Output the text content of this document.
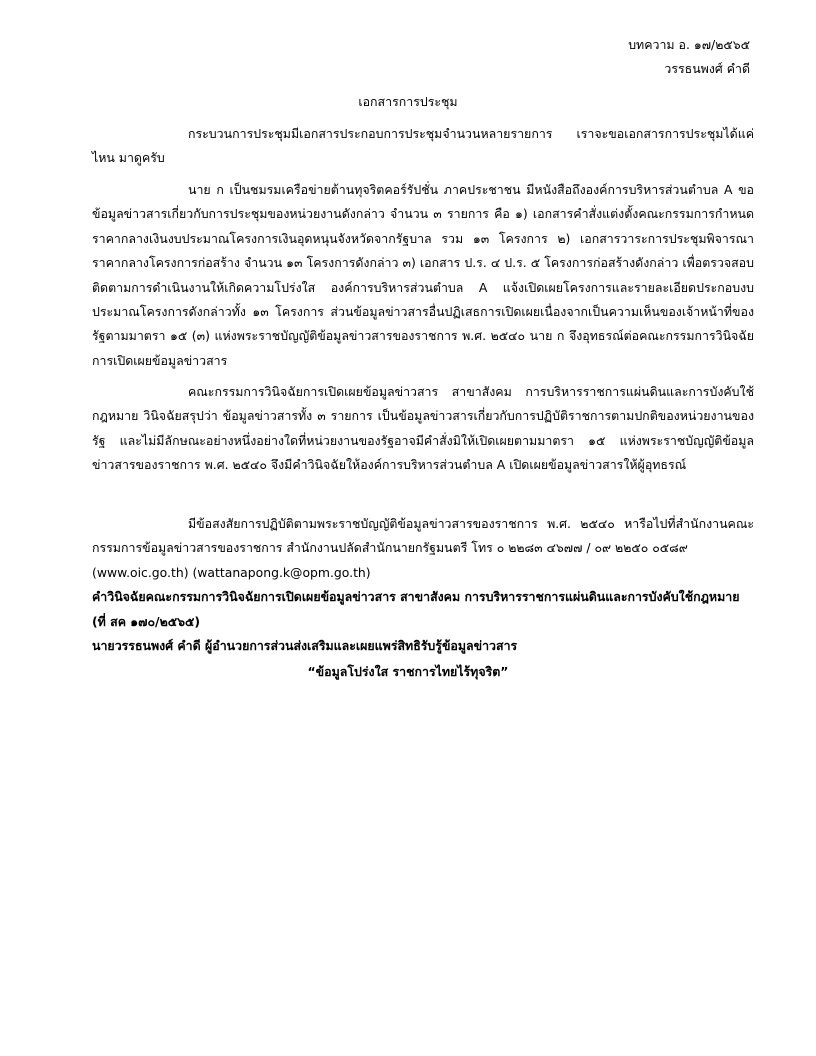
บทความ อ. ๑๗/๒๕๖๕
วรรธนพงศ์ คำดี
เอกสารการประชุม

กระบวนการประชุมมีเอกสารประกอบการประชุมจำนวนหลายรายการ เราจะขอเอกสารการประชุมได้แค่ไหน มาดูครับ

นาย ก เป็นชมรมเครือข่ายต้านทุจริตคอร์รัปชั่น ภาคประชาชน มีหนังสือถึงองค์การบริหารส่วนตำบล A ขอข้อมูลข่าวสารเกี่ยวกับการประชุมของหน่วยงานดังกล่าว จำนวน ๓ รายการ คือ ๑) เอกสารคำสั่งแต่งตั้งคณะกรรมการกำหนดราคากลางเงินงบประมาณโครงการเงินอุดหนุนจังหวัดจากรัฐบาล รวม ๑๓ โครงการ ๒) เอกสารวาระการประชุมพิจารณาราคากลางโครงการก่อสร้าง จำนวน ๑๓ โครงการดังกล่าว ๓) เอกสาร ป.ร. ๔ ป.ร. ๕ โครงการก่อสร้างดังกล่าว เพื่อตรวจสอบติดตามการดำเนินงานให้เกิดความโปร่งใส องค์การบริหารส่วนตำบล A แจ้งเปิดเผยโครงการและรายละเอียดประกอบงบประมาณโครงการดังกล่าวทั้ง ๑๓ โครงการ ส่วนข้อมูลข่าวสารอื่นปฏิเสธการเปิดเผยเนื่องจากเป็นความเห็นของเจ้าหน้าที่ของรัฐตามมาตรา ๑๕ (๓) แห่งพระราชบัญญัติข้อมูลข่าวสารของราชการ พ.ศ. ๒๕๔๐ นาย ก จึงอุทธรณ์ต่อคณะกรรมการวินิจฉัยการเปิดเผยข้อมูลข่าวสาร

คณะกรรมการวินิจฉัยการเปิดเผยข้อมูลข่าวสาร สาขาสังคม การบริหารราชการแผ่นดินและการบังคับใช้กฎหมาย วินิจฉัยสรุปว่า ข้อมูลข่าวสารทั้ง ๓ รายการ เป็นข้อมูลข่าวสารเกี่ยวกับการปฏิบัติราชการตามปกติของหน่วยงานของรัฐ และไม่มีลักษณะอย่างหนึ่งอย่างใดที่หน่วยงานของรัฐอาจมีคำสั่งมิให้เปิดเผยตามมาตรา ๑๕ แห่งพระราชบัญญัติข้อมูลข่าวสารของราชการ พ.ศ. ๒๕๔๐ จึงมีคำวินิจฉัยให้องค์การบริหารส่วนตำบล A เปิดเผยข้อมูลข่าวสารให้ผู้อุทธรณ์

มีข้อสงสัยการปฏิบัติตามพระราชบัญญัติข้อมูลข่าวสารของราชการ พ.ศ. ๒๕๔๐ หารือไปที่สำนักงานคณะกรรมการข้อมูลข่าวสารของราชการ สำนักงานปลัดสำนักนายกรัฐมนตรี โทร ๐ ๒๒๘๓ ๔๖๗๗ / ๐๙ ๒๒๕๐ ๐๕๘๙

(www.oic.go.th) (wattanapong.k@opm.go.th)

คำวินิจฉัยคณะกรรมการวินิจฉัยการเปิดเผยข้อมูลข่าวสาร สาขาสังคม การบริหารราชการแผ่นดินและการบังคับใช้กฎหมาย (ที่ สค ๑๗๐/๒๕๖๕)

นายวรรธนพงศ์ คำดี ผู้อำนวยการส่วนส่งเสริมและเผยแพร่สิทธิรับรู้ข้อมูลข่าวสาร

“ข้อมูลโปร่งใส ราชการไทยไร้ทุจริต”
